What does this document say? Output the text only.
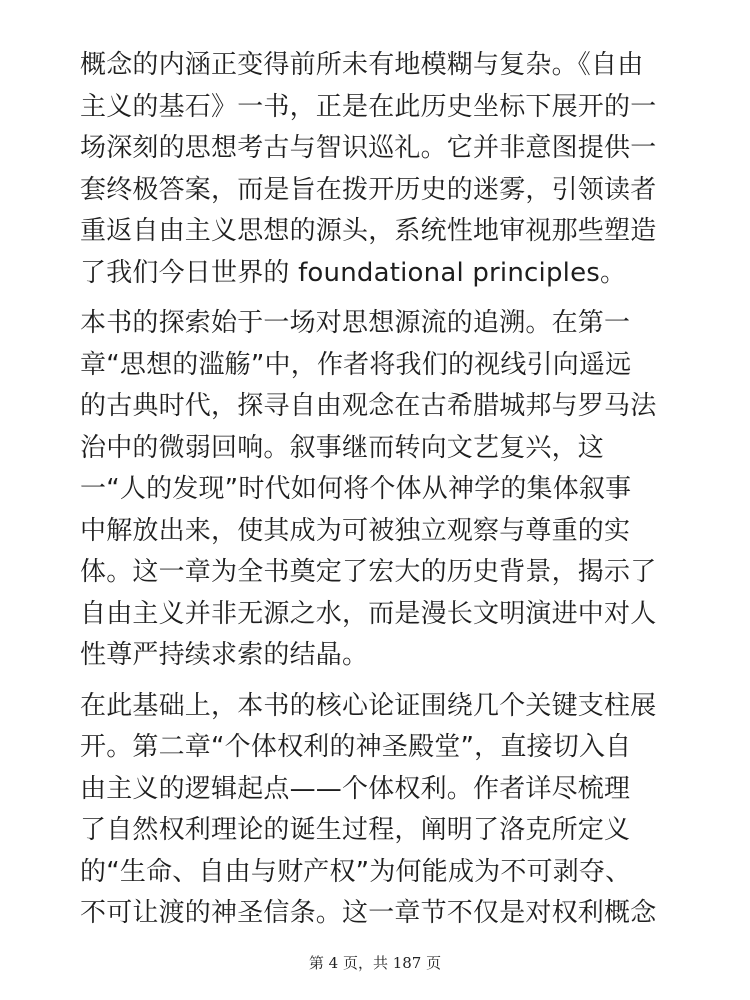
概念的内涵正变得前所未有地模糊与复杂。《自由
主义的基石》一书，正是在此历史坐标下展开的一
场深刻的思想考古与智识巡礼。它并非意图提供一
套终极答案，而是旨在拨开历史的迷雾，引领读者
重返自由主义思想的源头，系统性地审视那些塑造
了我们今日世界的 foundational principles。
本书的探索始于一场对思想源流的追溯。在第一
章“思想的滥觞”中，作者将我们的视线引向遥远
的古典时代，探寻自由观念在古希腊城邦与罗马法
治中的微弱回响。叙事继而转向文艺复兴，这
一“人的发现”时代如何将个体从神学的集体叙事
中解放出来，使其成为可被独立观察与尊重的实
体。这一章为全书奠定了宏大的历史背景，揭示了
自由主义并非无源之水，而是漫长文明演进中对人
性尊严持续求索的结晶。
在此基础上，本书的核心论证围绕几个关键支柱展
开。第二章“个体权利的神圣殿堂”，直接切入自
由主义的逻辑起点——个体权利。作者详尽梳理
了自然权利理论的诞生过程，阐明了洛克所定义
的“生命、自由与财产权”为何能成为不可剥夺、
不可让渡的神圣信条。这一章节不仅是对权利概念
第 4 页，共 187 页
